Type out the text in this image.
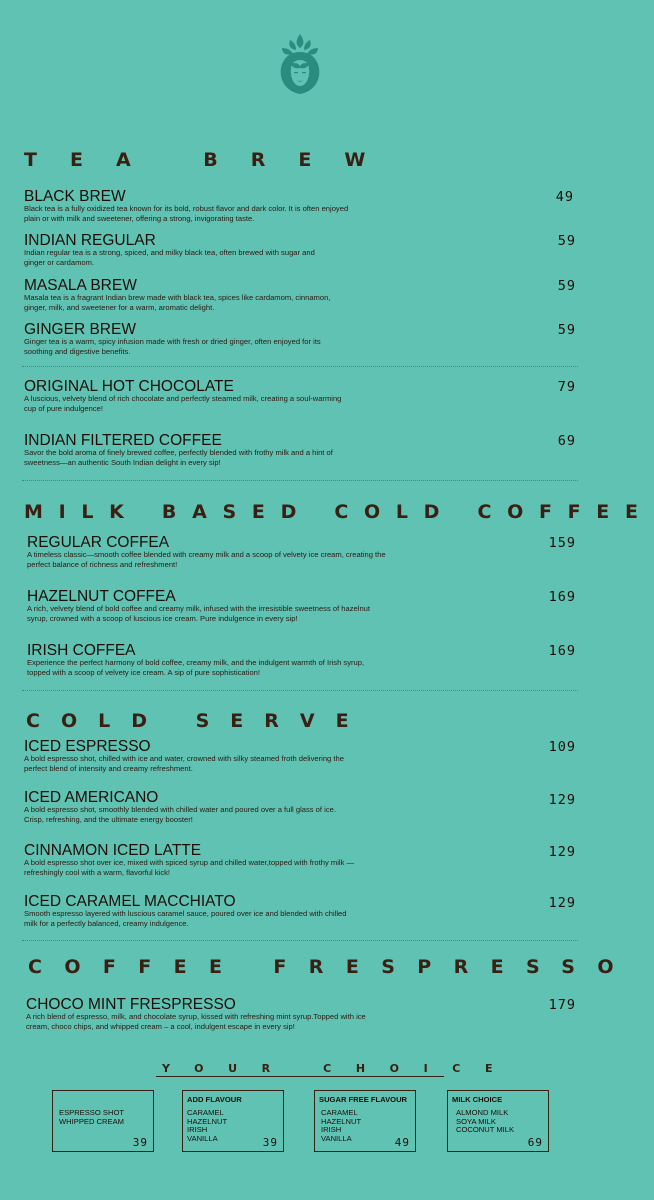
TEA BREW
BLACK BREW
Black tea is a fully oxidized tea known for its bold, robust flavor and dark color. It is often enjoyed plain or with milk and sweetener, offering a strong, invigorating taste.
49
INDIAN REGULAR
Indian regular tea is a strong, spiced, and milky black tea, often brewed with sugar and ginger or cardamom.
59
MASALA BREW
Masala tea is a fragrant Indian brew made with black tea, spices like cardamom, cinnamon, ginger, milk, and sweetener for a warm, aromatic delight.
59
GINGER BREW
Ginger tea is a warm, spicy infusion made with fresh or dried ginger, often enjoyed for its soothing and digestive benefits.
59
ORIGINAL HOT CHOCOLATE
A luscious, velvety blend of rich chocolate and perfectly steamed milk, creating a soul-warming cup of pure indulgence!
79
INDIAN FILTERED COFFEE
Savor the bold aroma of finely brewed coffee, perfectly blended with frothy milk and a hint of sweetness—an authentic South Indian delight in every sip!
69
MILK BASED COLD COFFEE
REGULAR COFFEA
A timeless classic—smooth coffee blended with creamy milk and a scoop of velvety ice cream, creating the perfect balance of richness and refreshment!
159
HAZELNUT COFFEA
A rich, velvety blend of bold coffee and creamy milk, infused with the irresistible sweetness of hazelnut syrup, crowned with a scoop of luscious ice cream. Pure indulgence in every sip!
169
IRISH COFFEA
Experience the perfect harmony of bold coffee, creamy milk, and the indulgent warmth of Irish syrup, topped with a scoop of velvety ice cream. A sip of pure sophistication!
169
COLD SERVE
ICED ESPRESSO
A bold espresso shot, chilled with ice and water, crowned with silky steamed froth delivering the perfect blend of intensity and creamy refreshment.
109
ICED AMERICANO
A bold espresso shot, smoothly blended with chilled water and poured over a full glass of ice. Crisp, refreshing, and the ultimate energy booster!
129
CINNAMON ICED LATTE
A bold espresso shot over ice, mixed with spiced syrup and chilled water,topped with frothy milk — refreshingly cool with a warm, flavorful kick!
129
ICED CARAMEL MACCHIATO
Smooth espresso layered with luscious caramel sauce, poured over ice and blended with chilled milk for a perfectly balanced, creamy indulgence.
129
COFFEE FRESPRESSO
CHOCO MINT FRESPRESSO
A rich blend of espresso, milk, and chocolate syrup, kissed with refreshing mint syrup.Topped with ice cream, choco chips, and whipped cream – a cool, indulgent escape in every sip!
179
YOUR CHOICE
ESPRESSO SHOT
WHIPPED CREAM
39
ADD FLAVOUR
CARAMEL
HAZELNUT
IRISH
VANILLA	39
SUGAR FREE FLAVOUR
CARAMEL
HAZELNUT
IRISH
VANILLA	49
MILK CHOICE
ALMOND MILK
SOYA MILK
COCONUT MILK
69
